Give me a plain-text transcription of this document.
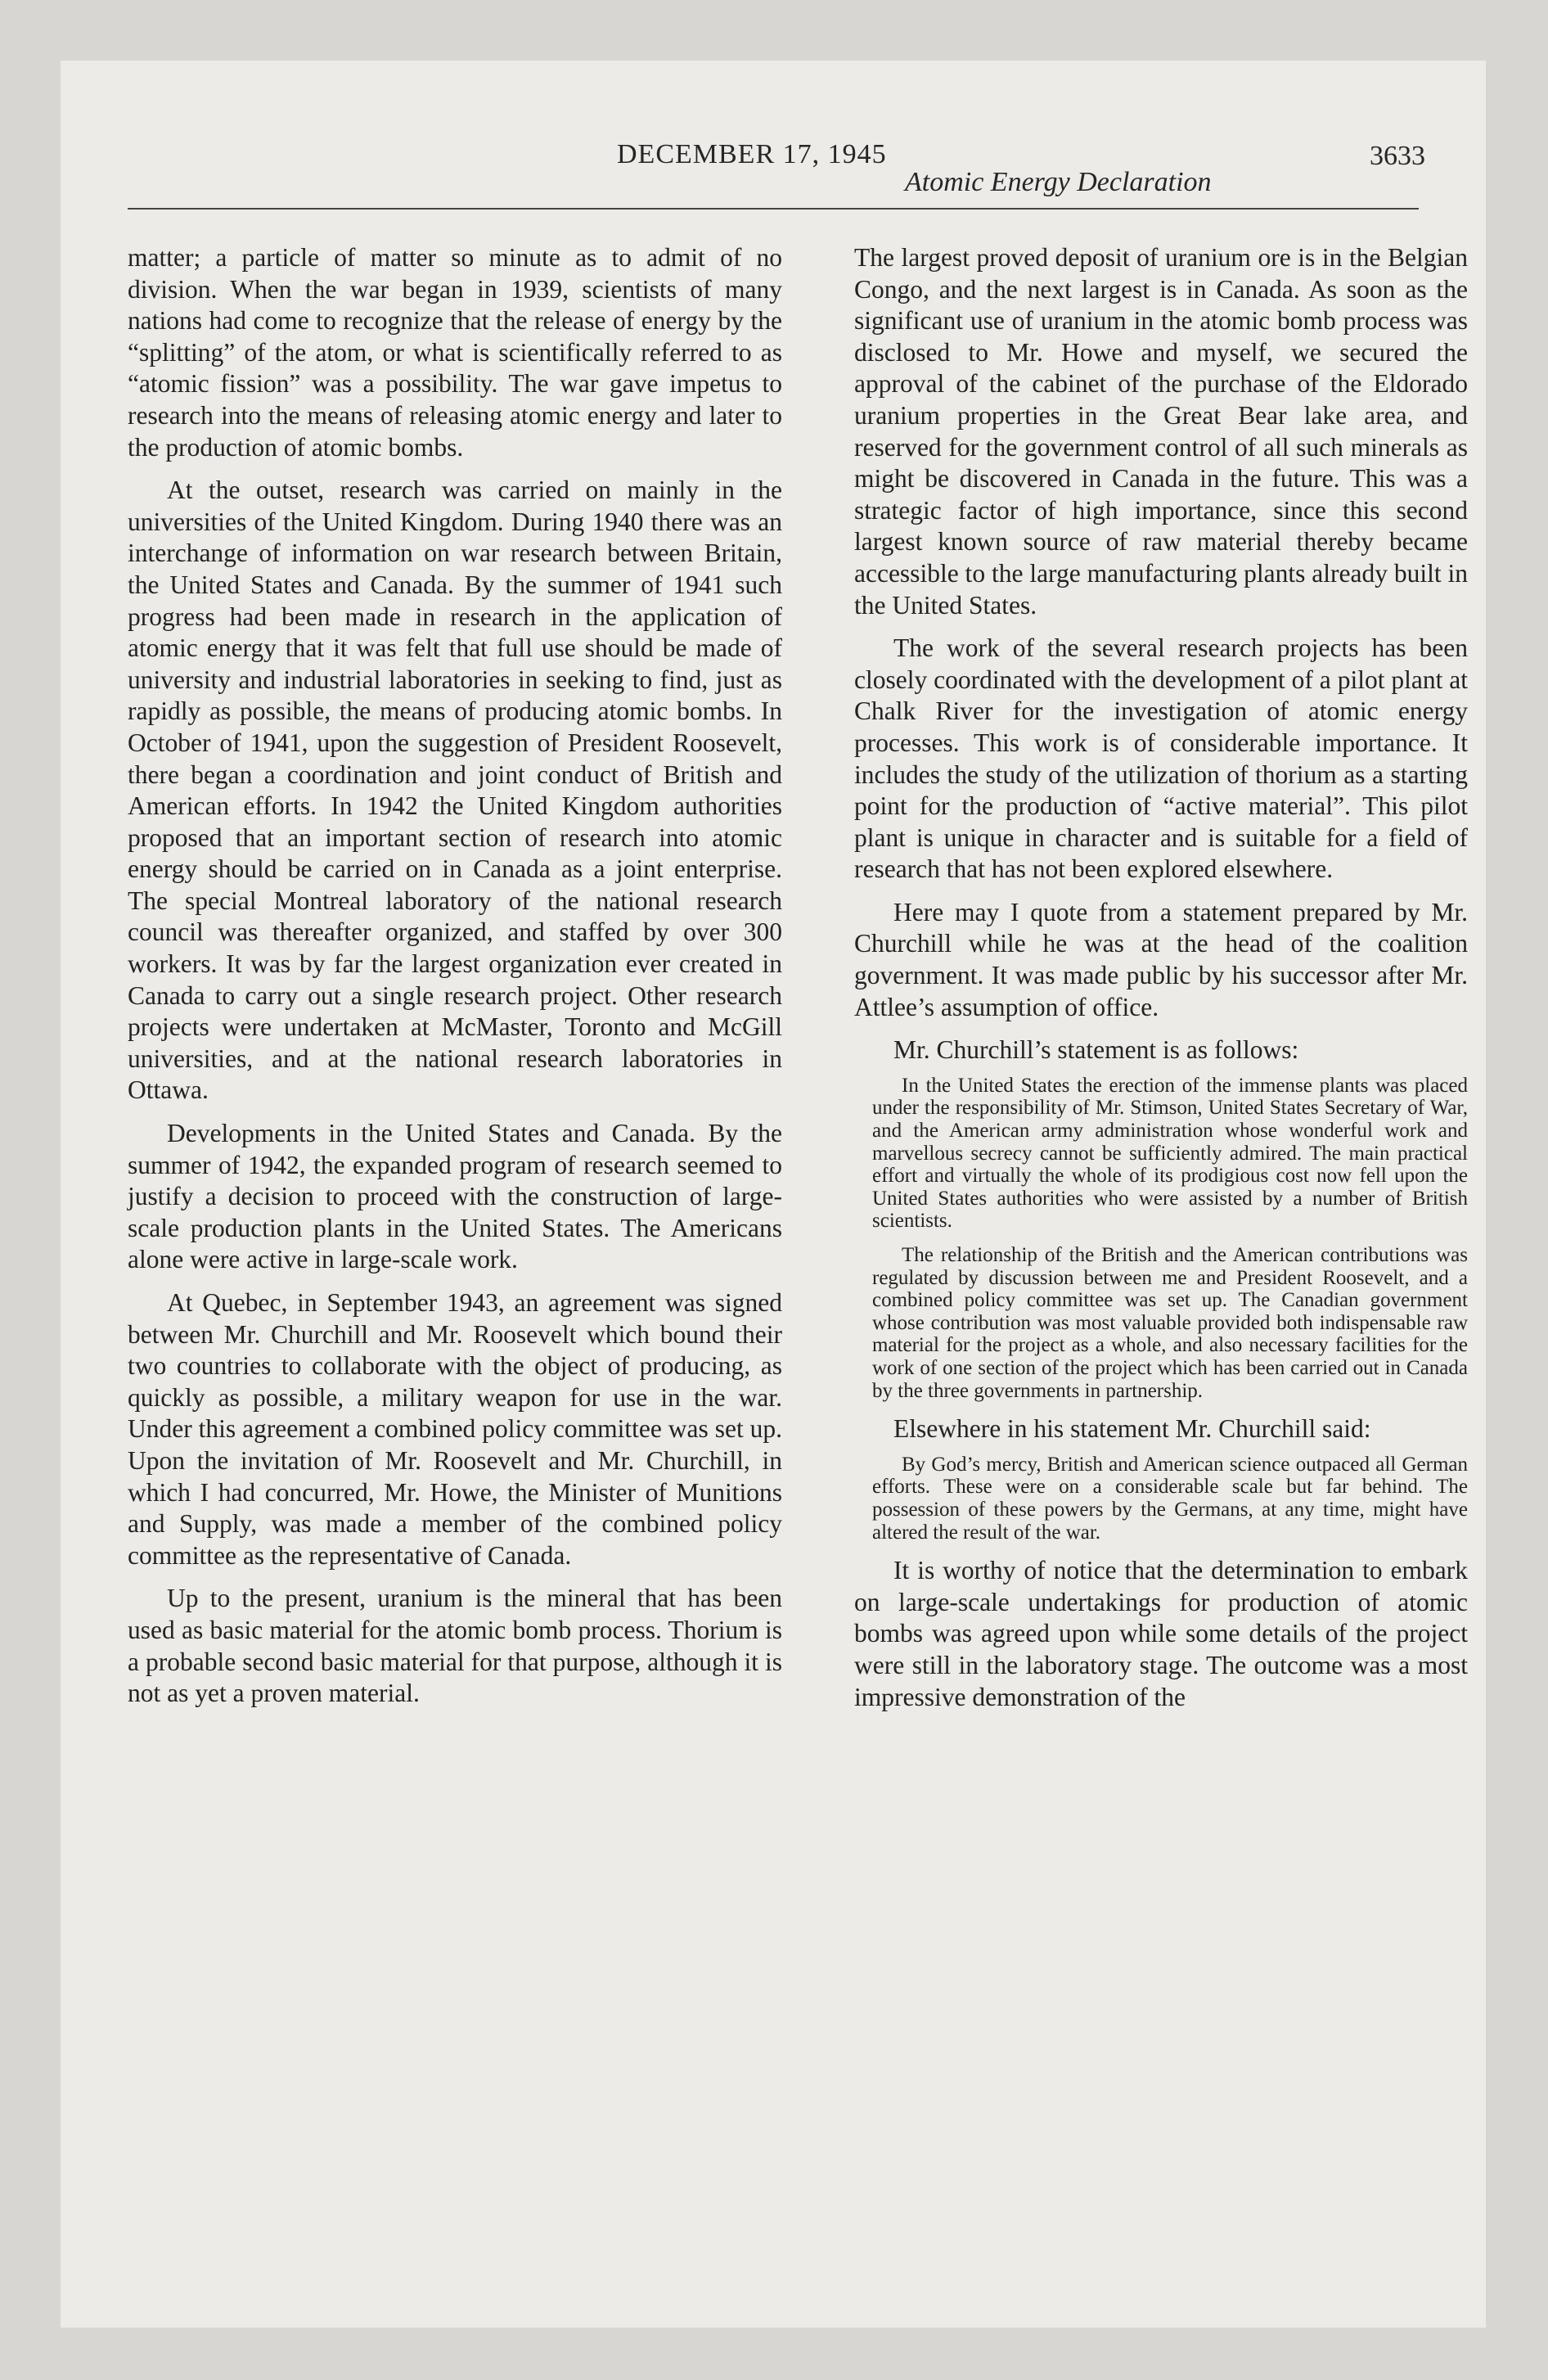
DECEMBER 17, 1945	3633
Atomic Energy Declaration

matter; a particle of matter so minute as to admit of no division. When the war began in 1939, scientists of many nations had come to recognize that the release of energy by the “splitting” of the atom, or what is scientifically referred to as “atomic fission” was a possibility. The war gave impetus to research into the means of releasing atomic energy and later to the production of atomic bombs.

At the outset, research was carried on mainly in the universities of the United Kingdom. During 1940 there was an interchange of information on war research between Britain, the United States and Canada. By the summer of 1941 such progress had been made in research in the application of atomic energy that it was felt that full use should be made of university and industrial laboratories in seeking to find, just as rapidly as possible, the means of producing atomic bombs. In October of 1941, upon the suggestion of President Roosevelt, there began a coordination and joint conduct of British and American efforts. In 1942 the United Kingdom authorities proposed that an important section of research into atomic energy should be carried on in Canada as a joint enterprise. The special Montreal laboratory of the national research council was thereafter organized, and staffed by over 300 workers. It was by far the largest organization ever created in Canada to carry out a single research project. Other research projects were undertaken at McMaster, Toronto and McGill universities, and at the national research laboratories in Ottawa.

Developments in the United States and Canada. By the summer of 1942, the expanded program of research seemed to justify a decision to proceed with the construction of large-scale production plants in the United States. The Americans alone were active in large-scale work.

At Quebec, in September 1943, an agreement was signed between Mr. Churchill and Mr. Roosevelt which bound their two countries to collaborate with the object of producing, as quickly as possible, a military weapon for use in the war. Under this agreement a combined policy committee was set up. Upon the invitation of Mr. Roosevelt and Mr. Churchill, in which I had concurred, Mr. Howe, the Minister of Munitions and Supply, was made a member of the combined policy committee as the representative of Canada.

Up to the present, uranium is the mineral that has been used as basic material for the atomic bomb process. Thorium is a probable second basic material for that purpose, although it is not as yet a proven material.

The largest proved deposit of uranium ore is in the Belgian Congo, and the next largest is in Canada. As soon as the significant use of uranium in the atomic bomb process was disclosed to Mr. Howe and myself, we secured the approval of the cabinet of the purchase of the Eldorado uranium properties in the Great Bear lake area, and reserved for the government control of all such minerals as might be discovered in Canada in the future. This was a strategic factor of high importance, since this second largest known source of raw material thereby became accessible to the large manufacturing plants already built in the United States.

The work of the several research projects has been closely coordinated with the development of a pilot plant at Chalk River for the investigation of atomic energy processes. This work is of considerable importance. It includes the study of the utilization of thorium as a starting point for the production of “active material”. This pilot plant is unique in character and is suitable for a field of research that has not been explored elsewhere.

Here may I quote from a statement prepared by Mr. Churchill while he was at the head of the coalition government. It was made public by his successor after Mr. Attlee’s assumption of office.

Mr. Churchill’s statement is as follows:

In the United States the erection of the immense plants was placed under the responsibility of Mr. Stimson, United States Secretary of War, and the American army administration whose wonderful work and marvellous secrecy cannot be sufficiently admired. The main practical effort and virtually the whole of its prodigious cost now fell upon the United States authorities who were assisted by a number of British scientists.

The relationship of the British and the American contributions was regulated by discussion between me and President Roosevelt, and a combined policy committee was set up. The Canadian government whose contribution was most valuable provided both indispensable raw material for the project as a whole, and also necessary facilities for the work of one section of the project which has been carried out in Canada by the three governments in partnership.

Elsewhere in his statement Mr. Churchill said:

By God’s mercy, British and American science outpaced all German efforts. These were on a considerable scale but far behind. The possession of these powers by the Germans, at any time, might have altered the result of the war.

It is worthy of notice that the determination to embark on large-scale undertakings for production of atomic bombs was agreed upon while some details of the project were still in the laboratory stage. The outcome was a most impressive demonstration of the
